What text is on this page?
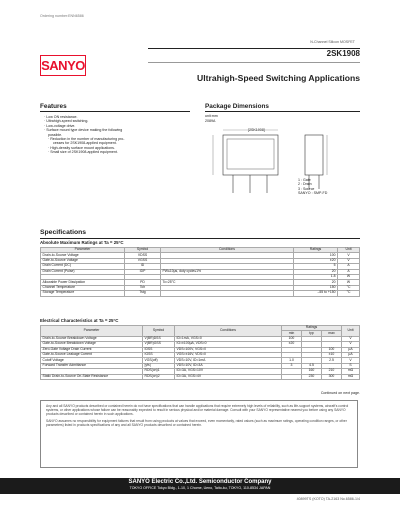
Ordering number:ENN6586
N-Channel Silicon MOSFET
2SK1908
SANYO
Ultrahigh-Speed Switching Applications
Features
· Low ON resistance.
· Ultrahigh-speed switching.
· Low-voltage drive.
· Surface mount type device making the following
possible.
· Reduction in the number of manufacturing pro-
cesses for 2SK1908-applied equipment.
· High-density surface mount applications.
· Small size of 2SK1908-applied equipment.
Package Dimensions
unit:mm
2089A
[2SK1908]
1 : Gate
2 : Drain
3 : Source
SANYO : SMP-FD
Specifications
Absolute Maximum Ratings at Ta = 25°C
Parameter	Symbol	Conditions	Ratings	Unit
Drain-to-Source Voltage	VDSS		100	V
Gate-to-Source Voltage	VGSS		±20	V
Drain Current (DC)	ID		5	A
Drain Current (Pulse)	IDP	PW≤10μs, duty cycle≤1%	20	A
			1.8	W
Allowable Power Dissipation	PD	Tc=25°C	20	W
Channel Temperature	Tch		150	°C
Storage Temperature	Tstg		–55 to +150	°C
Electrical Characteristics at Ta = 25°C
Parameter	Symbol	Conditions	Ratings			Unit
			min	typ	max	
Drain-to-Source Breakdown Voltage	V(BR)DSS	ID=1mA, VGS=0	100			V
Gate-to-Source Breakdown Voltage	V(BR)GSS	IG=±100μA, VDS=0	±20			V
Zero-Gate Voltage Drain Current	IDSS	VDS=100V, VGS=0			100	μA
Gate-to-Source Leakage Current	IGSS	VGS=±16V, VDS=0			±10	μA
Cutoff Voltage	VGS(off)	VDS=10V, ID=1mA	1.0		2.5	V
Forward Transfer Admittance	|yfs|	VDS=10V, ID=3A	3	4.5		S
	RDS(on)1	ID=3A, VGS=10V		160	210	mΩ
Static Drain-to-Source On-State Resistance	RDS(on)2	ID=3A, VGS=4V		230	300	mΩ
Continued on next page.
Any and all SANYO products described or contained herein do not have specifications that can handle applications that require extremely high levels of reliability, such as life-support systems, aircraft's control systems, or other applications whose failure can be reasonably expected to result in serious physical and/or material damage. Consult with your SANYO representative nearest you before using any SANYO products described or contained herein in such applications.
SANYO assumes no responsibility for equipment failures that result from using products at values that exceed, even momentarily, rated values (such as maximum ratings, operating condition ranges, or other parameters) listed in products specifications of any and all SANYO products described or contained herein.
SANYO Electric Co.,Ltd. Semiconductor Company
TOKYO OFFICE Tokyo Bldg., 1-10, 1 Chome, Ueno, Taito-ku, TOKYO, 110-8534 JAPAN
40899TS (KOTO) TA-2163 No.6586-1/4
